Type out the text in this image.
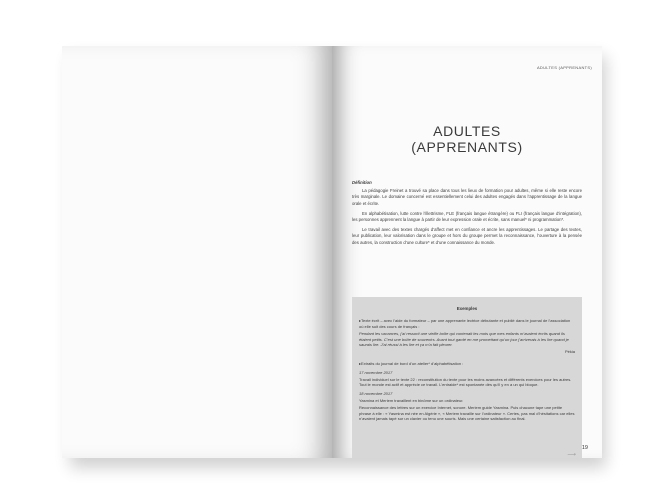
ADULTES (APPRENANTS)
ADULTES
(APPRENANTS)
Définition

La pédagogie Freinet a trouvé sa place dans tous les lieux de formation pour adultes, même si elle reste encore très marginale. Le domaine concerné est essentiellement celui des adultes engagés dans l’apprentissage de la langue orale et écrite.

En alphabétisation, lutte contre l’illettrisme, FLE (français langue étrangère) ou FLI (français langue d’intégration), les personnes apprennent la langue à partir de leur expression orale et écrite, sans manuel* ni programmation*.

Le travail avec des textes chargés d’affect met en confiance et ancre les apprentissages. Le partage des textes, leur publication, leur valorisation dans le groupe et hors du groupe permet la reconnaissance, l’ouverture à la pensée des autres, la construction d’une culture* et d’une connaissance du monde.

Exemples
▸Texte écrit – avec l’aide du formateur – par une apprenante lectrice débutante et publié dans le journal de l’association où elle suit des cours de français :
Pendant les vacances, j’ai ressorti une vieille boîte qui contenait les mots que mes enfants m’avaient écrits quand ils étaient petits. C’est une boîte de souvenirs. Avant tout gardé en me promettant qu’un jour j’arriverais à les lire quand je saurais lire. J’ai réussi à les lire et ça m’a fait pleurer.
Pékia
▸Extraits du journal de bord d’un atelier* d’alphabétisation :
17 novembre 2017
Travail individuel sur le texte 22 : reconstitution du texte pour les moins avancées et différents exercices pour les autres. Tout le monde est actif et apprécie ce travail. L’entraide* est spontanée dès qu’il y en a un qui bloque.
18 novembre 2017
Yasmina et Meriem travaillent en binôme sur un ordinateur.
Reconnaissance des lettres sur un exercice Internet, sonore. Meriem guide Yasmina. Puis chacune tape une petite phrase à elle : « Yasmina est née en Algérie », « Meriem travaille sur l’ordinateur ». Certes, pas mal d’hésitations car elles n’avaient jamais tapé sur un clavier ou tenu une souris. Mais une certaine satisfaction au final.
⟶
19
